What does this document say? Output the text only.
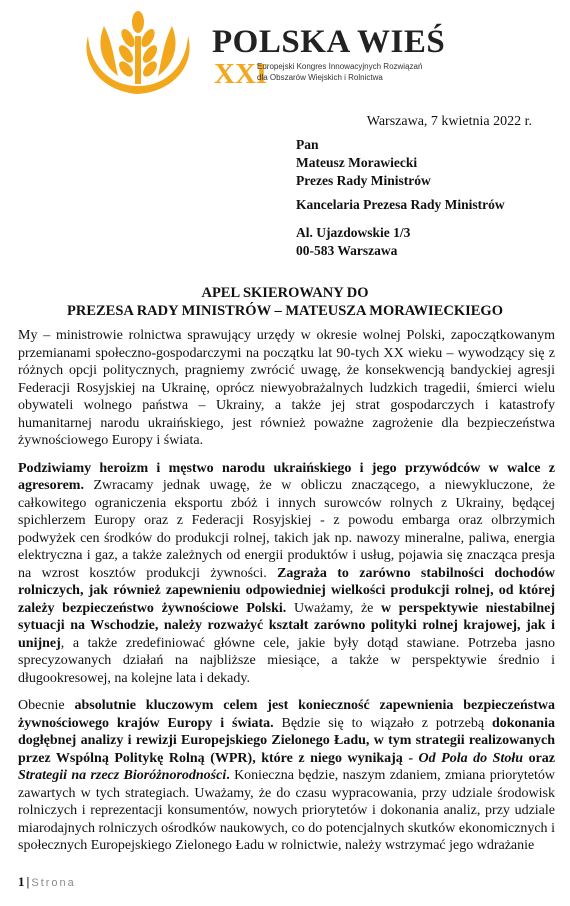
POLSKA WIEŚ
XXI
Europejski Kongres Innowacyjnych Rozwiązań
dla Obszarów Wiejskich i Rolnictwa
Warszawa, 7 kwietnia 2022 r.
Pan
Mateusz Morawiecki
Prezes Rady Ministrów
Kancelaria Prezesa Rady Ministrów
Al. Ujazdowskie 1/3
00-583 Warszawa
APEL SKIEROWANY DO
PREZESA RADY MINISTRÓW – MATEUSZA MORAWIECKIEGO

My – ministrowie rolnictwa sprawujący urzędy w okresie wolnej Polski, zapoczątkowanym przemianami społeczno-gospodarczymi na początku lat 90-tych XX wieku – wywodzący się z różnych opcji politycznych, pragniemy zwrócić uwagę, że konsekwencją bandyckiej agresji Federacji Rosyjskiej na Ukrainę, oprócz niewyobrażalnych ludzkich tragedii, śmierci wielu obywateli wolnego państwa – Ukrainy, a także jej strat gospodarczych i katastrofy humanitarnej narodu ukraińskiego, jest również poważne zagrożenie dla bezpieczeństwa żywnościowego Europy i świata.

Podziwiamy heroizm i męstwo narodu ukraińskiego i jego przywódców w walce z agresorem. Zwracamy jednak uwagę, że w obliczu znaczącego, a niewykluczone, że całkowitego ograniczenia eksportu zbóż i innych surowców rolnych z Ukrainy, będącej spichlerzem Europy oraz z Federacji Rosyjskiej - z powodu embarga oraz olbrzymich podwyżek cen środków do produkcji rolnej, takich jak np. nawozy mineralne, paliwa, energia elektryczna i gaz, a także zależnych od energii produktów i usług, pojawia się znacząca presja na wzrost kosztów produkcji żywności. Zagraża to zarówno stabilności dochodów rolniczych, jak również zapewnieniu odpowiedniej wielkości produkcji rolnej, od której zależy bezpieczeństwo żywnościowe Polski. Uważamy, że w perspektywie niestabilnej sytuacji na Wschodzie, należy rozważyć kształt zarówno polityki rolnej krajowej, jak i unijnej, a także zredefiniować główne cele, jakie były dotąd stawiane. Potrzeba jasno sprecyzowanych działań na najbliższe miesiące, a także w perspektywie średnio i długookresowej, na kolejne lata i dekady.

Obecnie absolutnie kluczowym celem jest konieczność zapewnienia bezpieczeństwa żywnościowego krajów Europy i świata. Będzie się to wiązało z potrzebą dokonania dogłębnej analizy i rewizji Europejskiego Zielonego Ładu, w tym strategii realizowanych przez Wspólną Politykę Rolną (WPR), które z niego wynikają - Od Pola do Stołu oraz Strategii na rzecz Bioróżnorodności. Konieczna będzie, naszym zdaniem, zmiana priorytetów zawartych w tych strategiach. Uważamy, że do czasu wypracowania, przy udziale środowisk rolniczych i reprezentacji konsumentów, nowych priorytetów i dokonania analiz, przy udziale miarodajnych rolniczych ośrodków naukowych, co do potencjalnych skutków ekonomicznych i społecznych Europejskiego Zielonego Ładu w rolnictwie, należy wstrzymać jego wdrażanie

1 | Strona
